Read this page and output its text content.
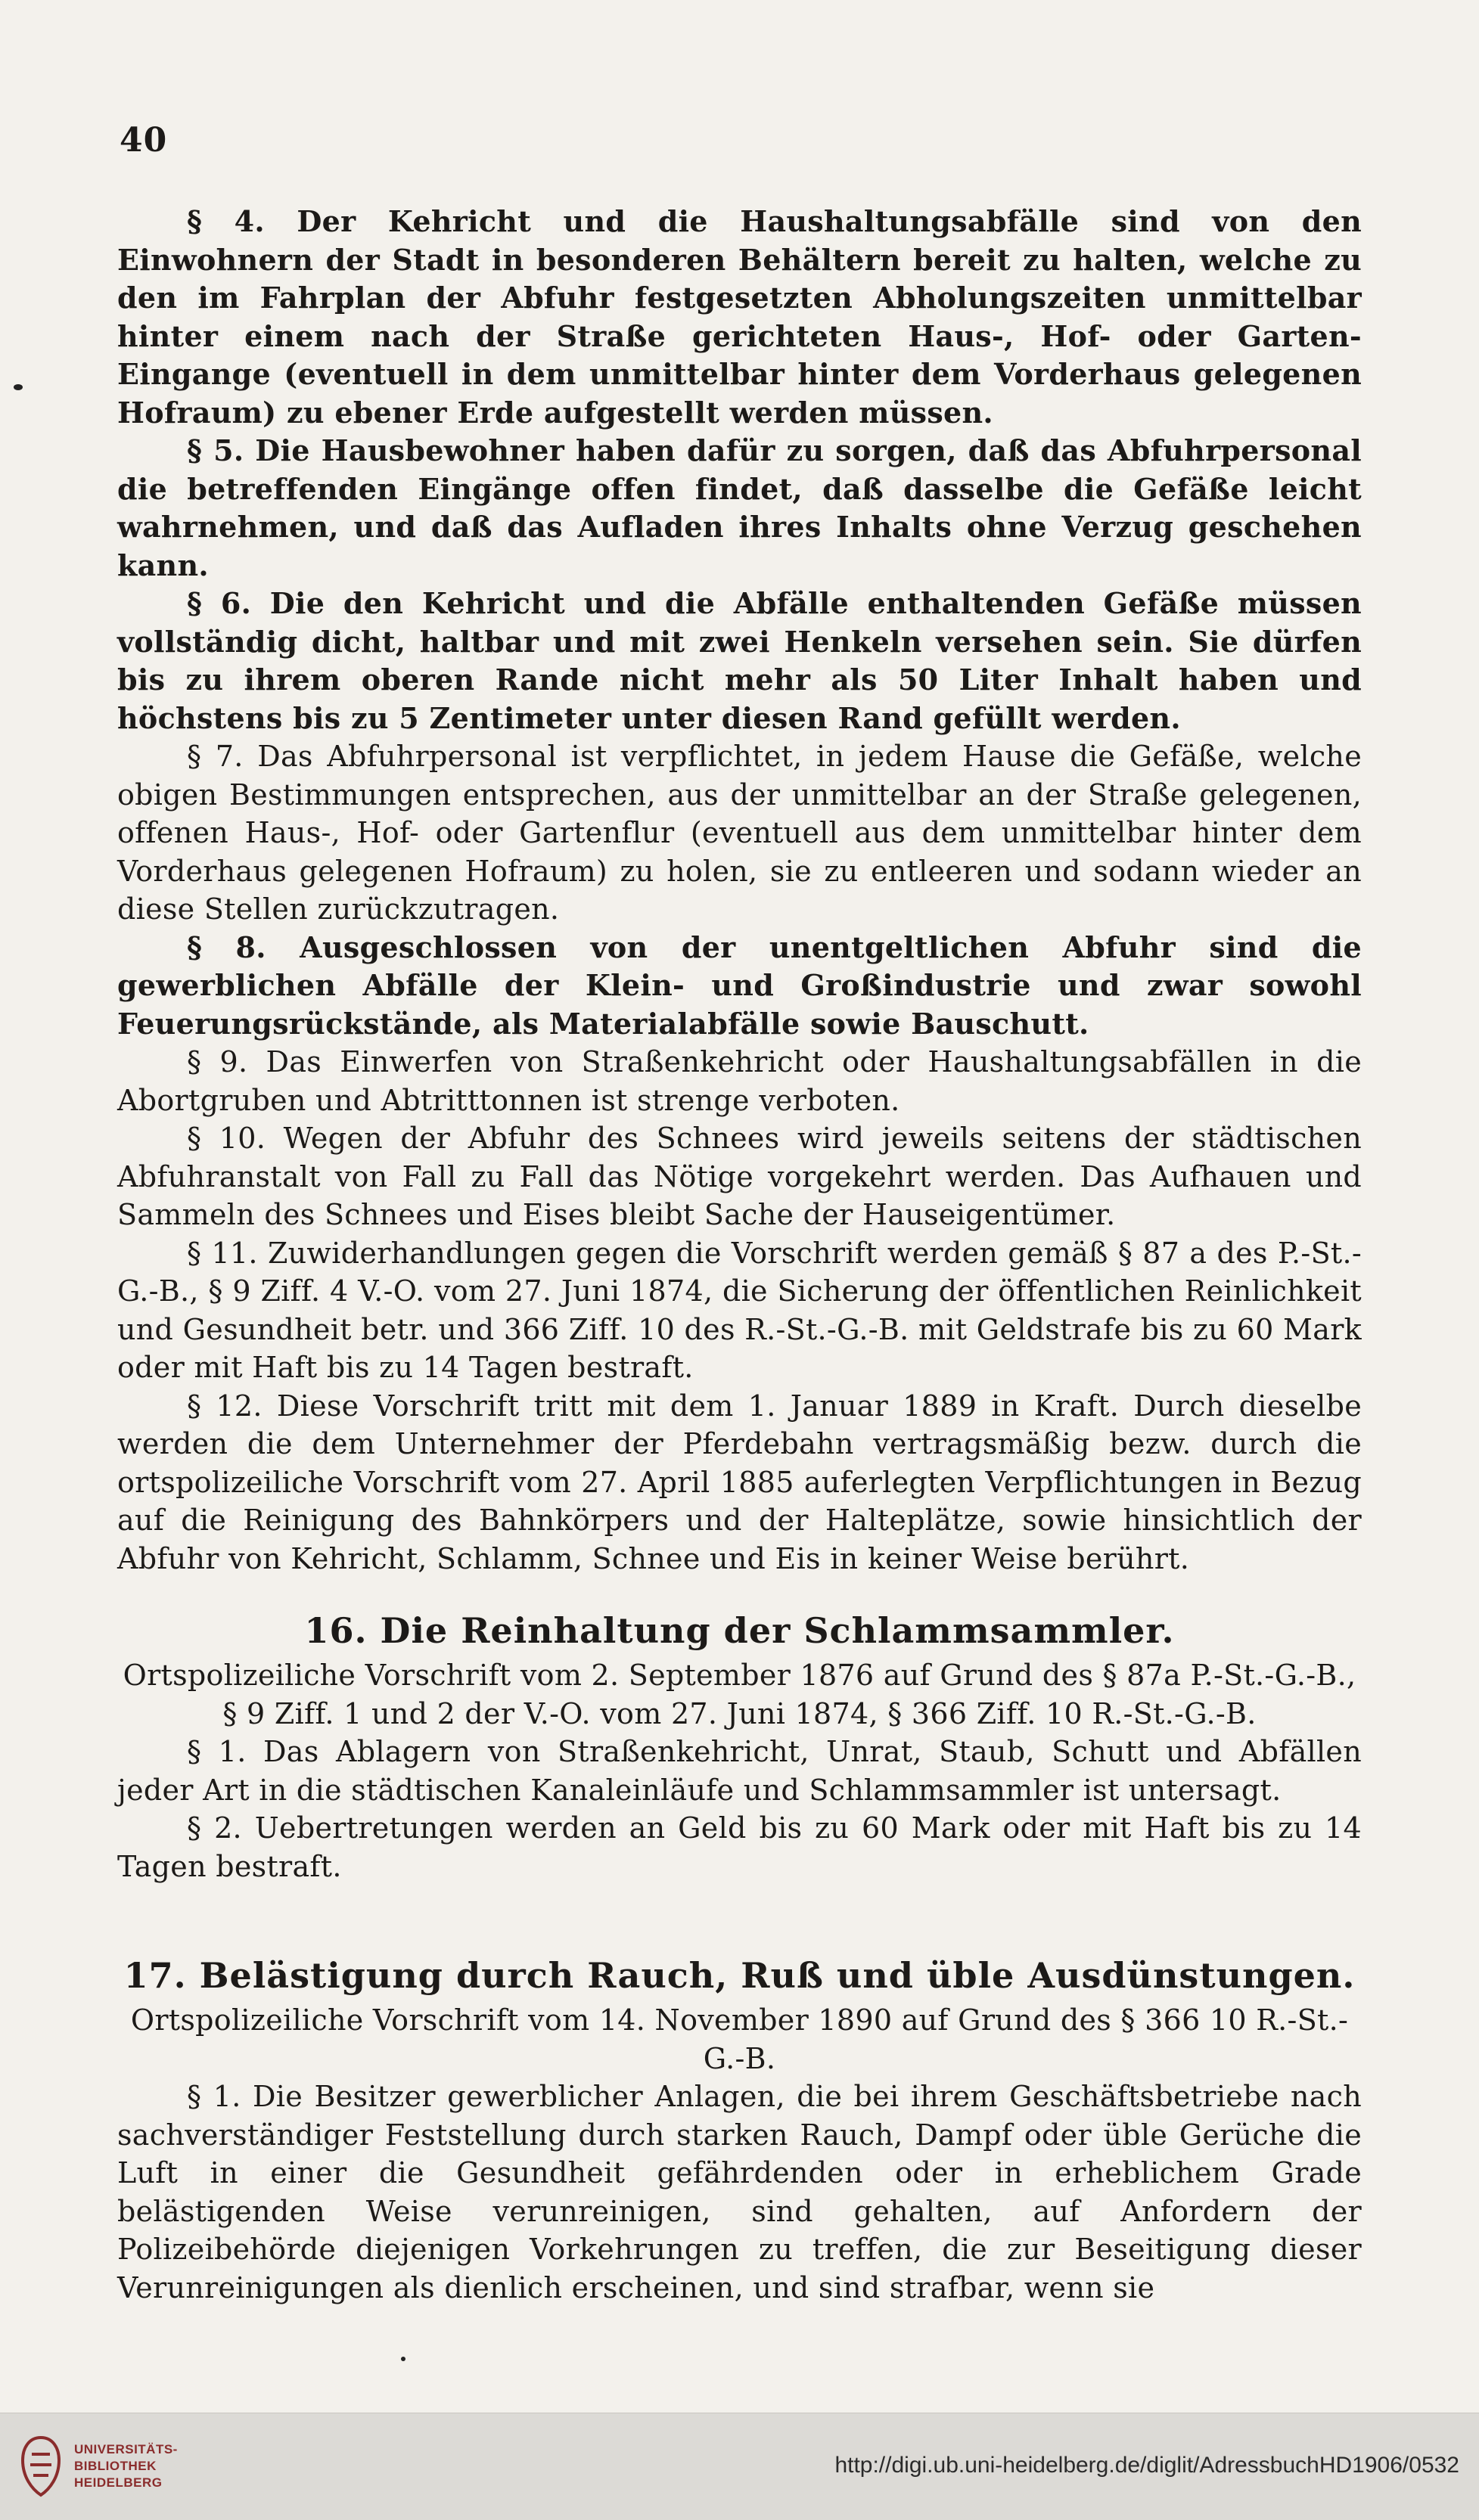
40

§ 4. Der Kehricht und die Haushaltungsabfälle sind von den Einwohnern der Stadt in besonderen Behältern bereit zu halten, welche zu den im Fahrplan der Abfuhr festgesetzten Abholungszeiten unmittelbar hinter einem nach der Straße gerichteten Haus-, Hof- oder Garten-Eingange (eventuell in dem unmittelbar hinter dem Vorderhaus gelegenen Hofraum) zu ebener Erde aufgestellt werden müssen.

§ 5. Die Hausbewohner haben dafür zu sorgen, daß das Abfuhrpersonal die betreffenden Eingänge offen findet, daß dasselbe die Gefäße leicht wahrnehmen, und daß das Aufladen ihres Inhalts ohne Verzug geschehen kann.

§ 6. Die den Kehricht und die Abfälle enthaltenden Gefäße müssen vollständig dicht, haltbar und mit zwei Henkeln versehen sein. Sie dürfen bis zu ihrem oberen Rande nicht mehr als 50 Liter Inhalt haben und höchstens bis zu 5 Zentimeter unter diesen Rand gefüllt werden.

§ 7. Das Abfuhrpersonal ist verpflichtet, in jedem Hause die Gefäße, welche obigen Bestimmungen entsprechen, aus der unmittelbar an der Straße gelegenen, offenen Haus-, Hof- oder Gartenflur (eventuell aus dem unmittelbar hinter dem Vorderhaus gelegenen Hofraum) zu holen, sie zu entleeren und sodann wieder an diese Stellen zurückzutragen.

§ 8. Ausgeschlossen von der unentgeltlichen Abfuhr sind die gewerblichen Abfälle der Klein- und Großindustrie und zwar sowohl Feuerungsrückstände, als Materialabfälle sowie Bauschutt.

§ 9. Das Einwerfen von Straßenkehricht oder Haushaltungsabfällen in die Abortgruben und Abtritttonnen ist strenge verboten.

§ 10. Wegen der Abfuhr des Schnees wird jeweils seitens der städtischen Abfuhranstalt von Fall zu Fall das Nötige vorgekehrt werden. Das Aufhauen und Sammeln des Schnees und Eises bleibt Sache der Hauseigentümer.

§ 11. Zuwiderhandlungen gegen die Vorschrift werden gemäß § 87 a des P.-St.-G.-B., § 9 Ziff. 4 V.-O. vom 27. Juni 1874, die Sicherung der öffentlichen Reinlichkeit und Gesundheit betr. und 366 Ziff. 10 des R.-St.-G.-B. mit Geldstrafe bis zu 60 Mark oder mit Haft bis zu 14 Tagen bestraft.

§ 12. Diese Vorschrift tritt mit dem 1. Januar 1889 in Kraft. Durch dieselbe werden die dem Unternehmer der Pferdebahn vertragsmäßig bezw. durch die ortspolizeiliche Vorschrift vom 27. April 1885 auferlegten Verpflichtungen in Bezug auf die Reinigung des Bahnkörpers und der Halteplätze, sowie hinsichtlich der Abfuhr von Kehricht, Schlamm, Schnee und Eis in keiner Weise berührt.

16. Die Reinhaltung der Schlammsammler.

Ortspolizeiliche Vorschrift vom 2. September 1876 auf Grund des § 87a P.-St.-G.-B., § 9 Ziff. 1 und 2 der V.-O. vom 27. Juni 1874, § 366 Ziff. 10 R.-St.-G.-B.

§ 1. Das Ablagern von Straßenkehricht, Unrat, Staub, Schutt und Abfällen jeder Art in die städtischen Kanaleinläufe und Schlammsammler ist untersagt.

§ 2. Uebertretungen werden an Geld bis zu 60 Mark oder mit Haft bis zu 14 Tagen bestraft.

17. Belästigung durch Rauch, Ruß und üble Ausdünstungen.

Ortspolizeiliche Vorschrift vom 14. November 1890 auf Grund des § 366 10 R.-St.-G.-B.

§ 1. Die Besitzer gewerblicher Anlagen, die bei ihrem Geschäftsbetriebe nach sachverständiger Feststellung durch starken Rauch, Dampf oder üble Gerüche die Luft in einer die Gesundheit gefährdenden oder in erheblichem Grade belästigenden Weise verunreinigen, sind gehalten, auf Anfordern der Polizeibehörde diejenigen Vorkehrungen zu treffen, die zur Beseitigung dieser Verunreinigungen als dienlich erscheinen, und sind strafbar, wenn sie

UNIVERSITÄTS-
BIBLIOTHEK
HEIDELBERG
http://digi.ub.uni-heidelberg.de/diglit/AdressbuchHD1906/0532
